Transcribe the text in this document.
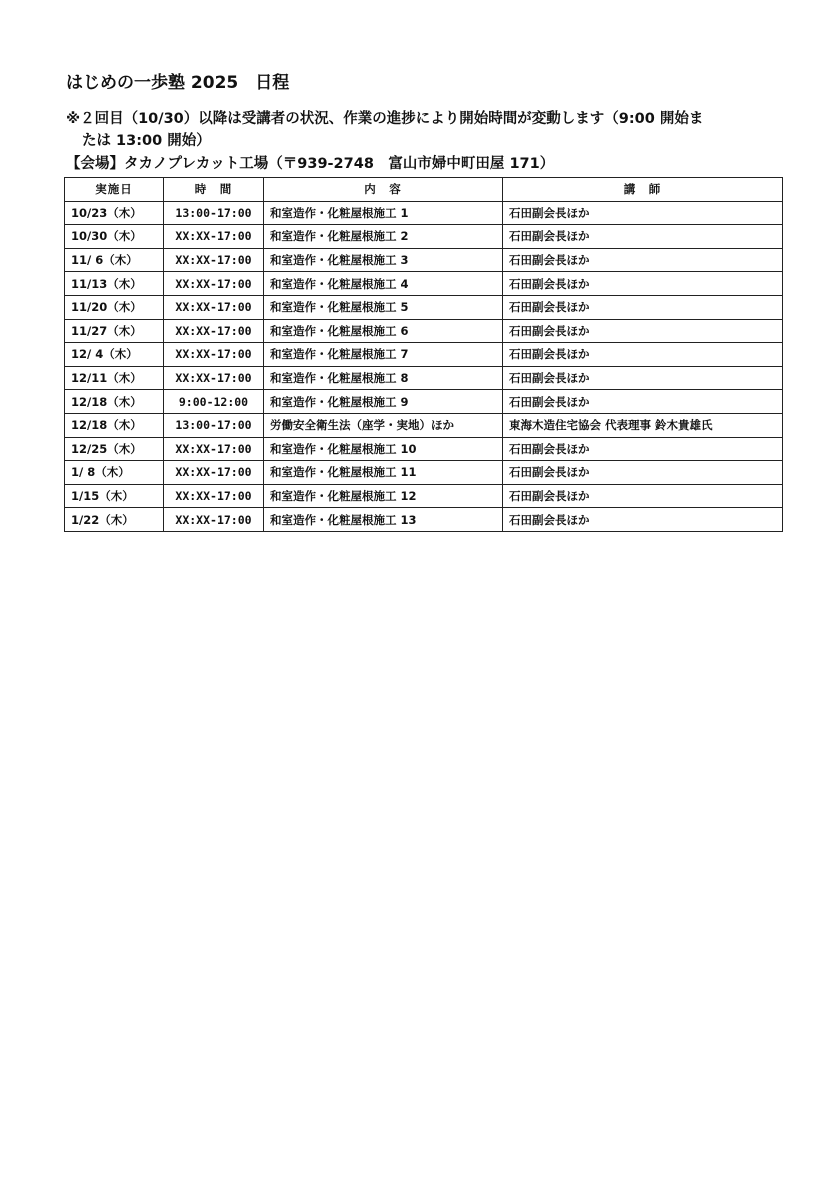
はじめの一歩塾 2025　日程
※２回目（10/30）以降は受講者の状況、作業の進捗により開始時間が変動します（9:00 開始ま
たは 13:00 開始）
【会場】タカノプレカット工場（〒939-2748　富山市婦中町田屋 171）
実施日	時　間	内　容	講　師
10/23（木）	13:00-17:00	和室造作・化粧屋根施工 1	石田副会長ほか
10/30（木）	XX:XX-17:00	和室造作・化粧屋根施工 2	石田副会長ほか
11/ 6（木）	XX:XX-17:00	和室造作・化粧屋根施工 3	石田副会長ほか
11/13（木）	XX:XX-17:00	和室造作・化粧屋根施工 4	石田副会長ほか
11/20（木）	XX:XX-17:00	和室造作・化粧屋根施工 5	石田副会長ほか
11/27（木）	XX:XX-17:00	和室造作・化粧屋根施工 6	石田副会長ほか
12/ 4（木）	XX:XX-17:00	和室造作・化粧屋根施工 7	石田副会長ほか
12/11（木）	XX:XX-17:00	和室造作・化粧屋根施工 8	石田副会長ほか
12/18（木）	9:00-12:00	和室造作・化粧屋根施工 9	石田副会長ほか
12/18（木）	13:00-17:00	労働安全衛生法（座学・実地）ほか	東海木造住宅協会 代表理事 鈴木貴雄氏
12/25（木）	XX:XX-17:00	和室造作・化粧屋根施工 10	石田副会長ほか
1/ 8（木）	XX:XX-17:00	和室造作・化粧屋根施工 11	石田副会長ほか
1/15（木）	XX:XX-17:00	和室造作・化粧屋根施工 12	石田副会長ほか
1/22（木）	XX:XX-17:00	和室造作・化粧屋根施工 13	石田副会長ほか
